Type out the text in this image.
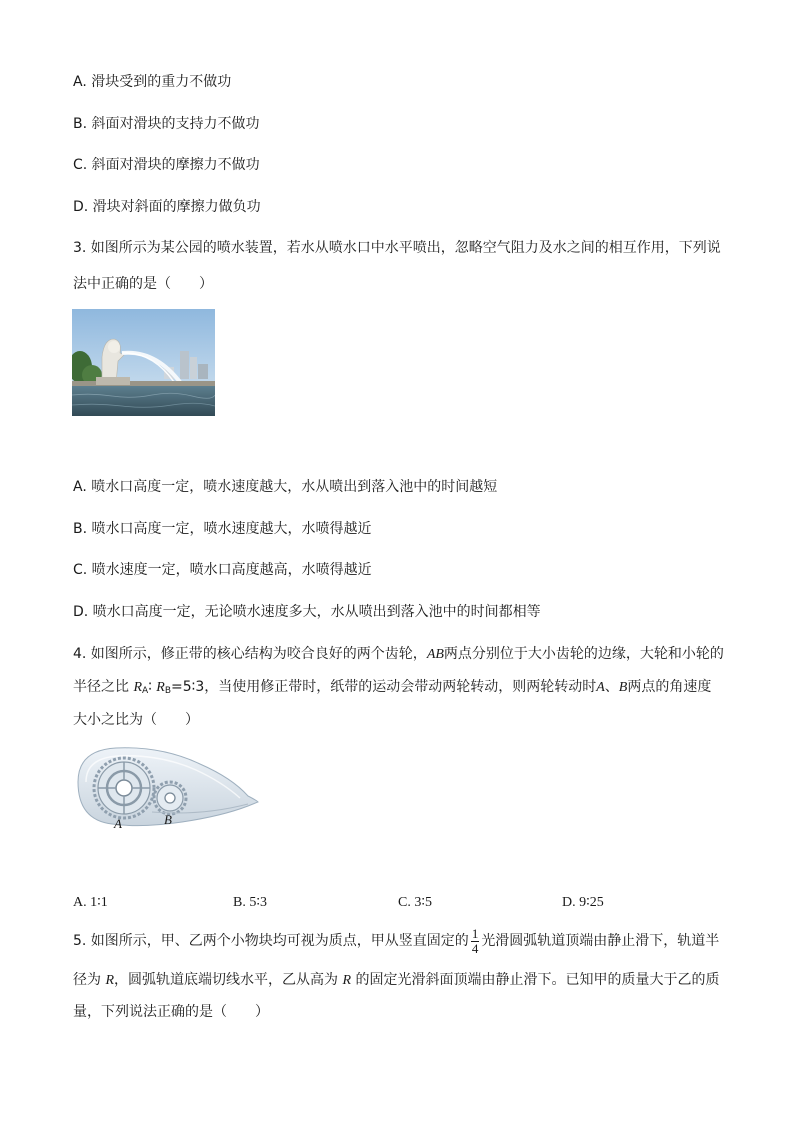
A. 滑块受到的重力不做功

B. 斜面对滑块的支持力不做功

C. 斜面对滑块的摩擦力不做功

D. 滑块对斜面的摩擦力做负功

3. 如图所示为某公园的喷水装置，若水从喷水口中水平喷出，忽略空气阻力及水之间的相互作用，下列说

法中正确的是（　　）

A. 喷水口高度一定，喷水速度越大，水从喷出到落入池中的时间越短

B. 喷水口高度一定，喷水速度越大，水喷得越近

C. 喷水速度一定，喷水口高度越高，水喷得越近

D. 喷水口高度一定，无论喷水速度多大，水从喷出到落入池中的时间都相等

4. 如图所示，修正带的核心结构为咬合良好的两个齿轮，AB两点分别位于大小齿轮的边缘，大轮和小轮的

半径之比 $R_A∶$ $R_B=5∶3$，当使用修正带时，纸带的运动会带动两轮转动，则两轮转动时A、B两点的角速度

大小之比为（　　）

A	B
A. 1∶1	B. 5∶3	C. 3∶5	D. 9∶25

5. 如图所示，甲、乙两个小物块均可视为质点，甲从竖直固定的 $\frac{1}{4}$ 光滑圆弧轨道顶端由静止滑下，轨道半

径为 R，圆弧轨道底端切线水平，乙从高为 R 的固定光滑斜面顶端由静止滑下。已知甲的质量大于乙的质

量，下列说法正确的是（　　）
